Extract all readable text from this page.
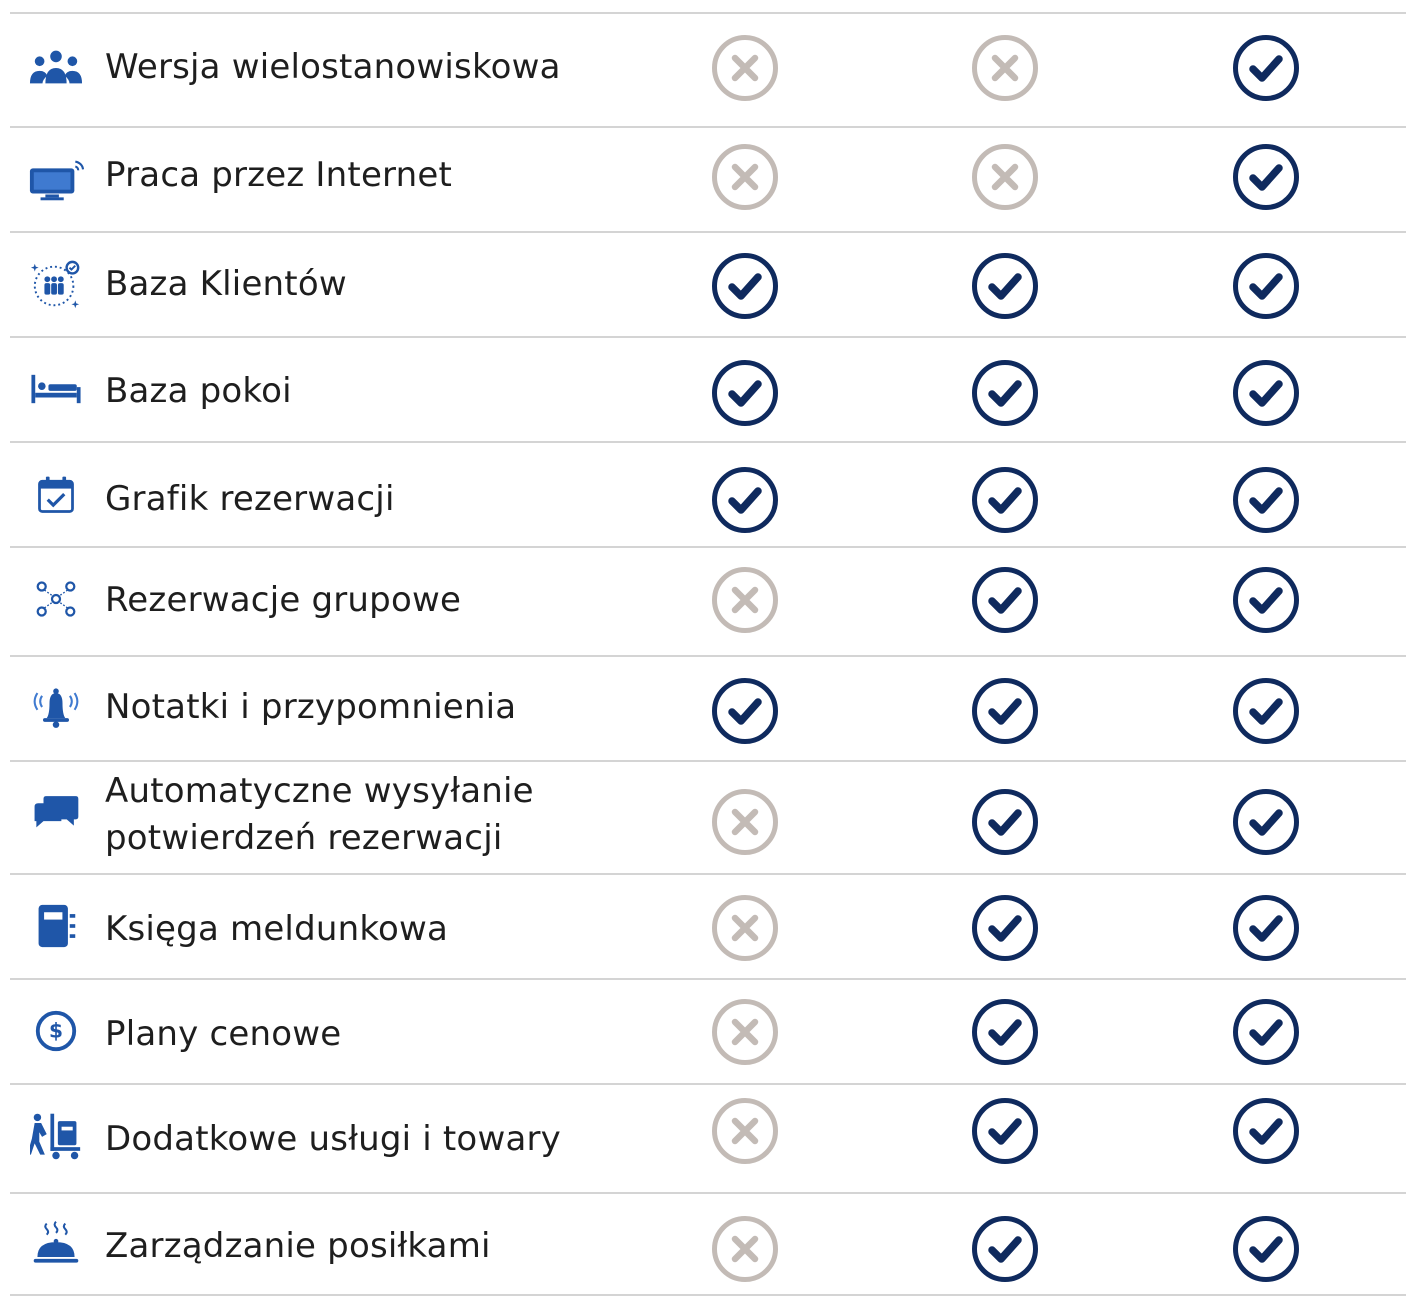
Wersja wielostanowiskowa
Praca przez Internet
Baza Klientów
Baza pokoi
Grafik rezerwacji
Rezerwacje grupowe
Notatki i przypomnienia
Automatyczne wysyłanie potwierdzeń rezerwacji
Księga meldunkowa
$ Plany cenowe
Dodatkowe usługi i towary
Zarządzanie posiłkami
